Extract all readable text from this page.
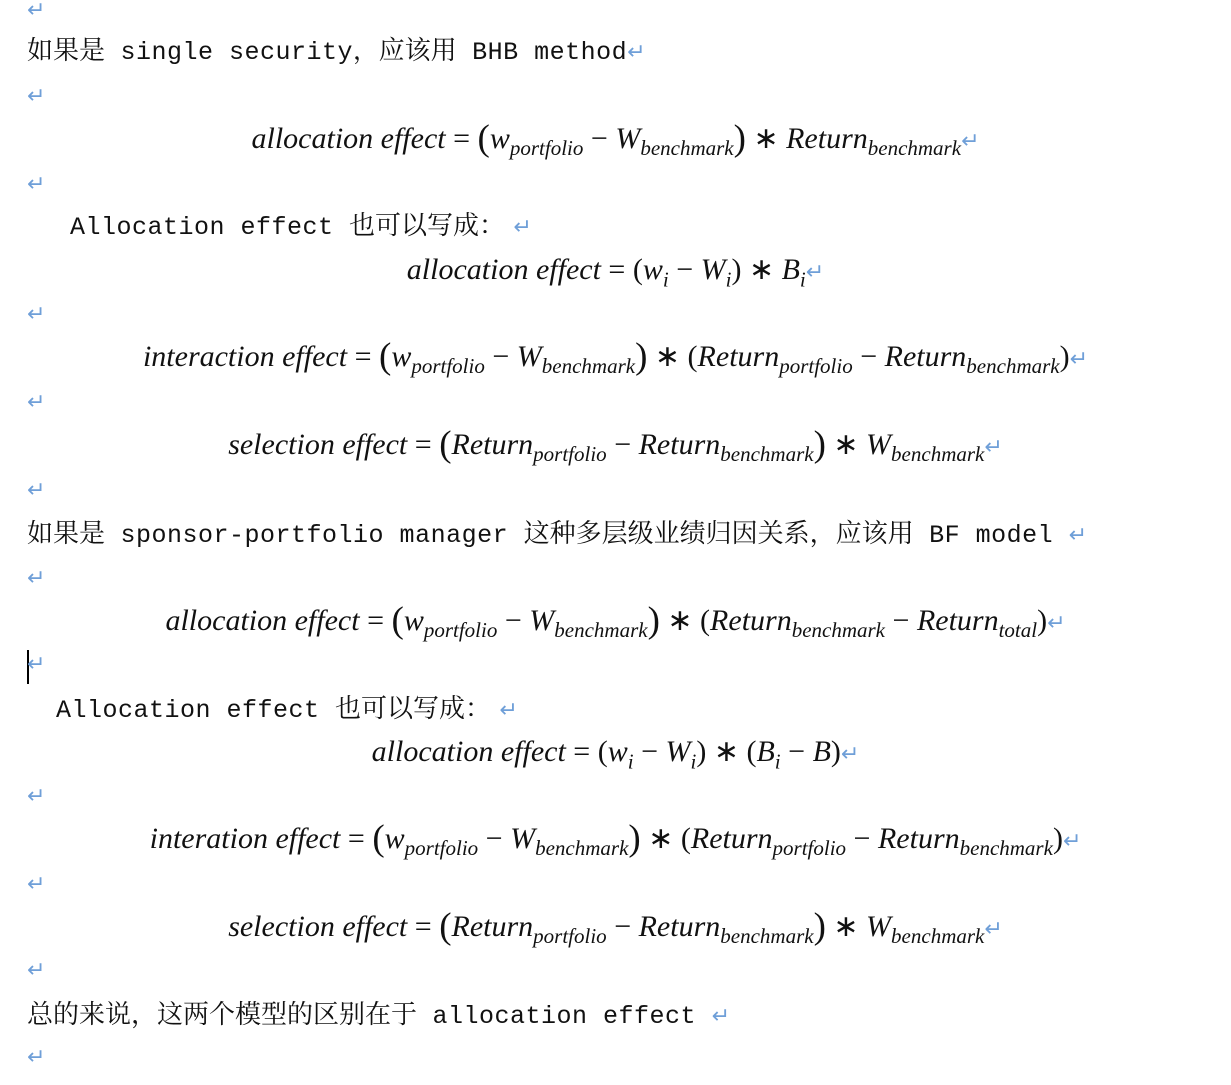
↵
如果是 single security，应该用 BHB method↵
↵
allocation effect = $(w_{portfolio} - W_{benchmark})$ ∗ Return$_{benchmark}$↵
↵
Allocation effect 也可以写成： ↵
allocation effect = $(w_i - W_i)$ ∗ $B_i↵$
↵
interaction effect = $(w_{portfolio} - W_{benchmark})$ ∗ (Return$_{portfolio}$ − Return$_{benchmark}$)↵
↵
selection effect = (Return$_{portfolio}$ − Return$_{benchmark}$) ∗ $W_{benchmark}↵$
↵
如果是 sponsor-portfolio manager 这种多层级业绩归因关系，应该用 BF model ↵
↵
allocation effect = $(w_{portfolio} - W_{benchmark})$ ∗ (Return$_{benchmark}$ − Return$_{total}$)↵
↵
Allocation effect 也可以写成： ↵
allocation effect = $(w_i - W_i)$ ∗ ($B_i$ − B)↵
↵
interation effect = $(w_{portfolio} - W_{benchmark})$ ∗ (Return$_{portfolio}$ − Return$_{benchmark}$)↵
↵
selection effect = (Return$_{portfolio}$ − Return$_{benchmark}$) ∗ $W_{benchmark}↵$
↵
总的来说，这两个模型的区别在于 allocation effect ↵
↵
